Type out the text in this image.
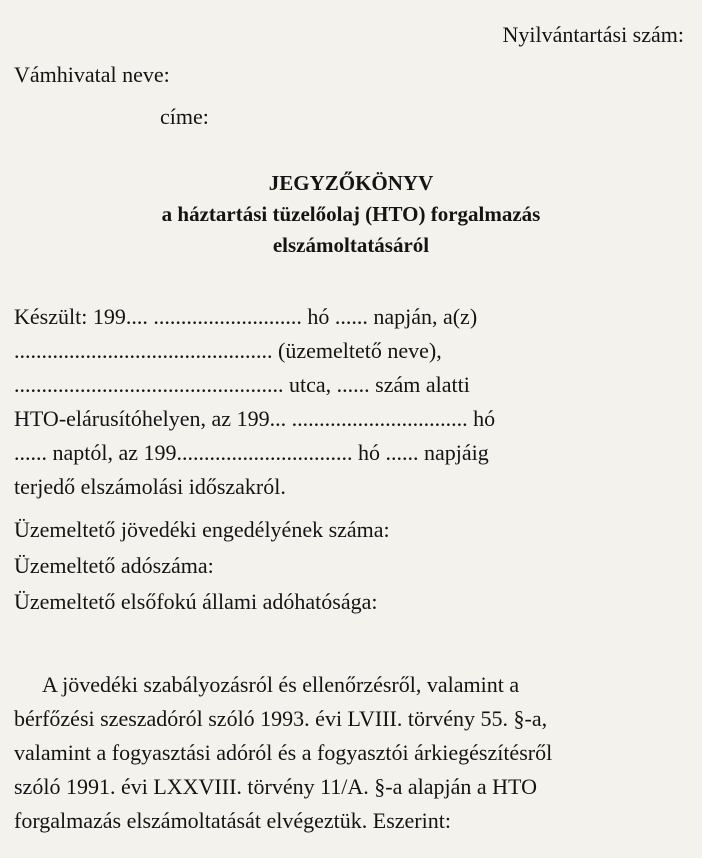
Nyilvántartási szám:
Vámhivatal neve:
címe:
JEGYZŐKÖNYV
a háztartási tüzelőolaj (HTO) forgalmazás
elszámoltatásáról
Készült: 199.... ........................... hó ...... napján, a(z)
............................................... (üzemeltető neve),
................................................. utca, ...... szám alatti
HTO-elárusítóhelyen, az 199... ................................ hó
...... naptól, az 199................................ hó ...... napjáig
terjedő elszámolási időszakról.
Üzemeltető jövedéki engedélyének száma:
Üzemeltető adószáma:
Üzemeltető elsőfokú állami adóhatósága:
A jövedéki szabályozásról és ellenőrzésről, valamint a
bérfőzési szeszadóról szóló 1993. évi LVIII. törvény 55. §-a,
valamint a fogyasztási adóról és a fogyasztói árkiegészítésről
szóló 1991. évi LXXVIII. törvény 11/A. §-a alapján a HTO
forgalmazás elszámoltatását elvégeztük. Eszerint:
